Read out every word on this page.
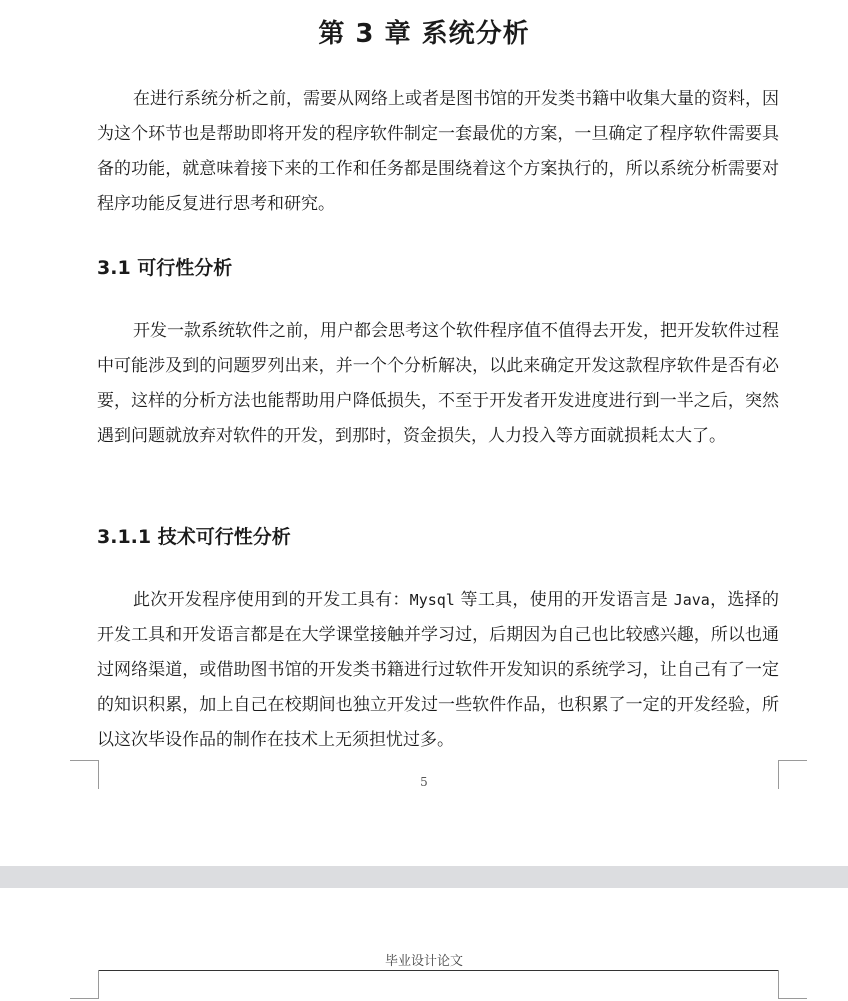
第 3 章 系统分析

在进行系统分析之前，需要从网络上或者是图书馆的开发类书籍中收集大量的资料，因为这个环节也是帮助即将开发的程序软件制定一套最优的方案，一旦确定了程序软件需要具备的功能，就意味着接下来的工作和任务都是围绕着这个方案执行的，所以系统分析需要对程序功能反复进行思考和研究。

3.1 可行性分析

开发一款系统软件之前，用户都会思考这个软件程序值不值得去开发，把开发软件过程中可能涉及到的问题罗列出来，并一个个分析解决，以此来确定开发这款程序软件是否有必要，这样的分析方法也能帮助用户降低损失，不至于开发者开发进度进行到一半之后，突然遇到问题就放弃对软件的开发，到那时，资金损失，人力投入等方面就损耗太大了。

3.1.1 技术可行性分析

此次开发程序使用到的开发工具有：Mysql 等工具，使用的开发语言是 Java，选择的开发工具和开发语言都是在大学课堂接触并学习过，后期因为自己也比较感兴趣，所以也通过网络渠道，或借助图书馆的开发类书籍进行过软件开发知识的系统学习，让自己有了一定的知识积累，加上自己在校期间也独立开发过一些软件作品，也积累了一定的开发经验，所以这次毕设作品的制作在技术上无须担忧过多。

5

毕业设计论文
